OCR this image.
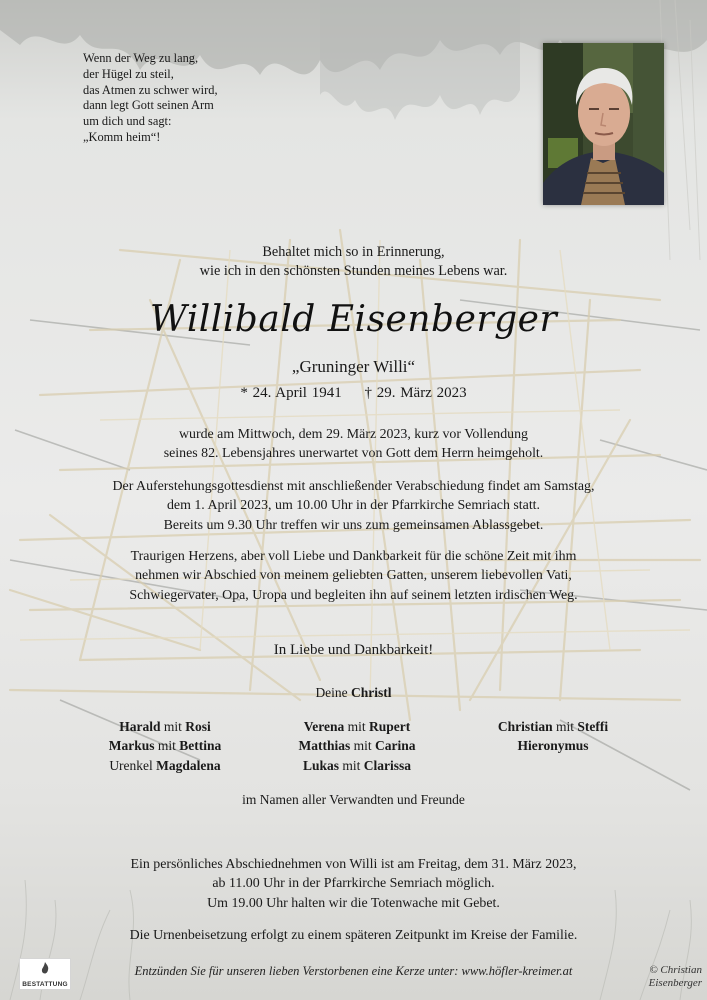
Wenn der Weg zu lang,
der Hügel zu steil,
das Atmen zu schwer wird,
dann legt Gott seinen Arm
um dich und sagt:
„Komm heim“!
Behaltet mich so in Erinnerung,
wie ich in den schönsten Stunden meines Lebens war.
Willibald Eisenberger
„Gruninger Willi“
* 24. April 1941 † 29. März 2023
wurde am Mittwoch, dem 29. März 2023, kurz vor Vollendung
seines 82. Lebensjahres unerwartet von Gott dem Herrn heimgeholt.
Der Auferstehungsgottesdienst mit anschließender Verabschiedung findet am Samstag,
dem 1. April 2023, um 10.00 Uhr in der Pfarrkirche Semriach statt.
Bereits um 9.30 Uhr treffen wir uns zum gemeinsamen Ablassgebet.
Traurigen Herzens, aber voll Liebe und Dankbarkeit für die schöne Zeit mit ihm
nehmen wir Abschied von meinem geliebten Gatten, unserem liebevollen Vati,
Schwiegervater, Opa, Uropa und begleiten ihn auf seinem letzten irdischen Weg.
In Liebe und Dankbarkeit!
Deine Christl
Harald mit Rosi
Markus mit Bettina
Urenkel Magdalena
Verena mit Rupert
Matthias mit Carina
Lukas mit Clarissa
Christian mit Steffi
Hieronymus
im Namen aller Verwandten und Freunde
Ein persönliches Abschiednehmen von Willi ist am Freitag, dem 31. März 2023,
ab 11.00 Uhr in der Pfarrkirche Semriach möglich.
Um 19.00 Uhr halten wir die Totenwache mit Gebet.
Die Urnenbeisetzung erfolgt zu einem späteren Zeitpunkt im Kreise der Familie.
BESTATTUNG
Entzünden Sie für unseren lieben Verstorbenen eine Kerze unter: www.höfler-kreimer.at	© Christian
Eisenberger
